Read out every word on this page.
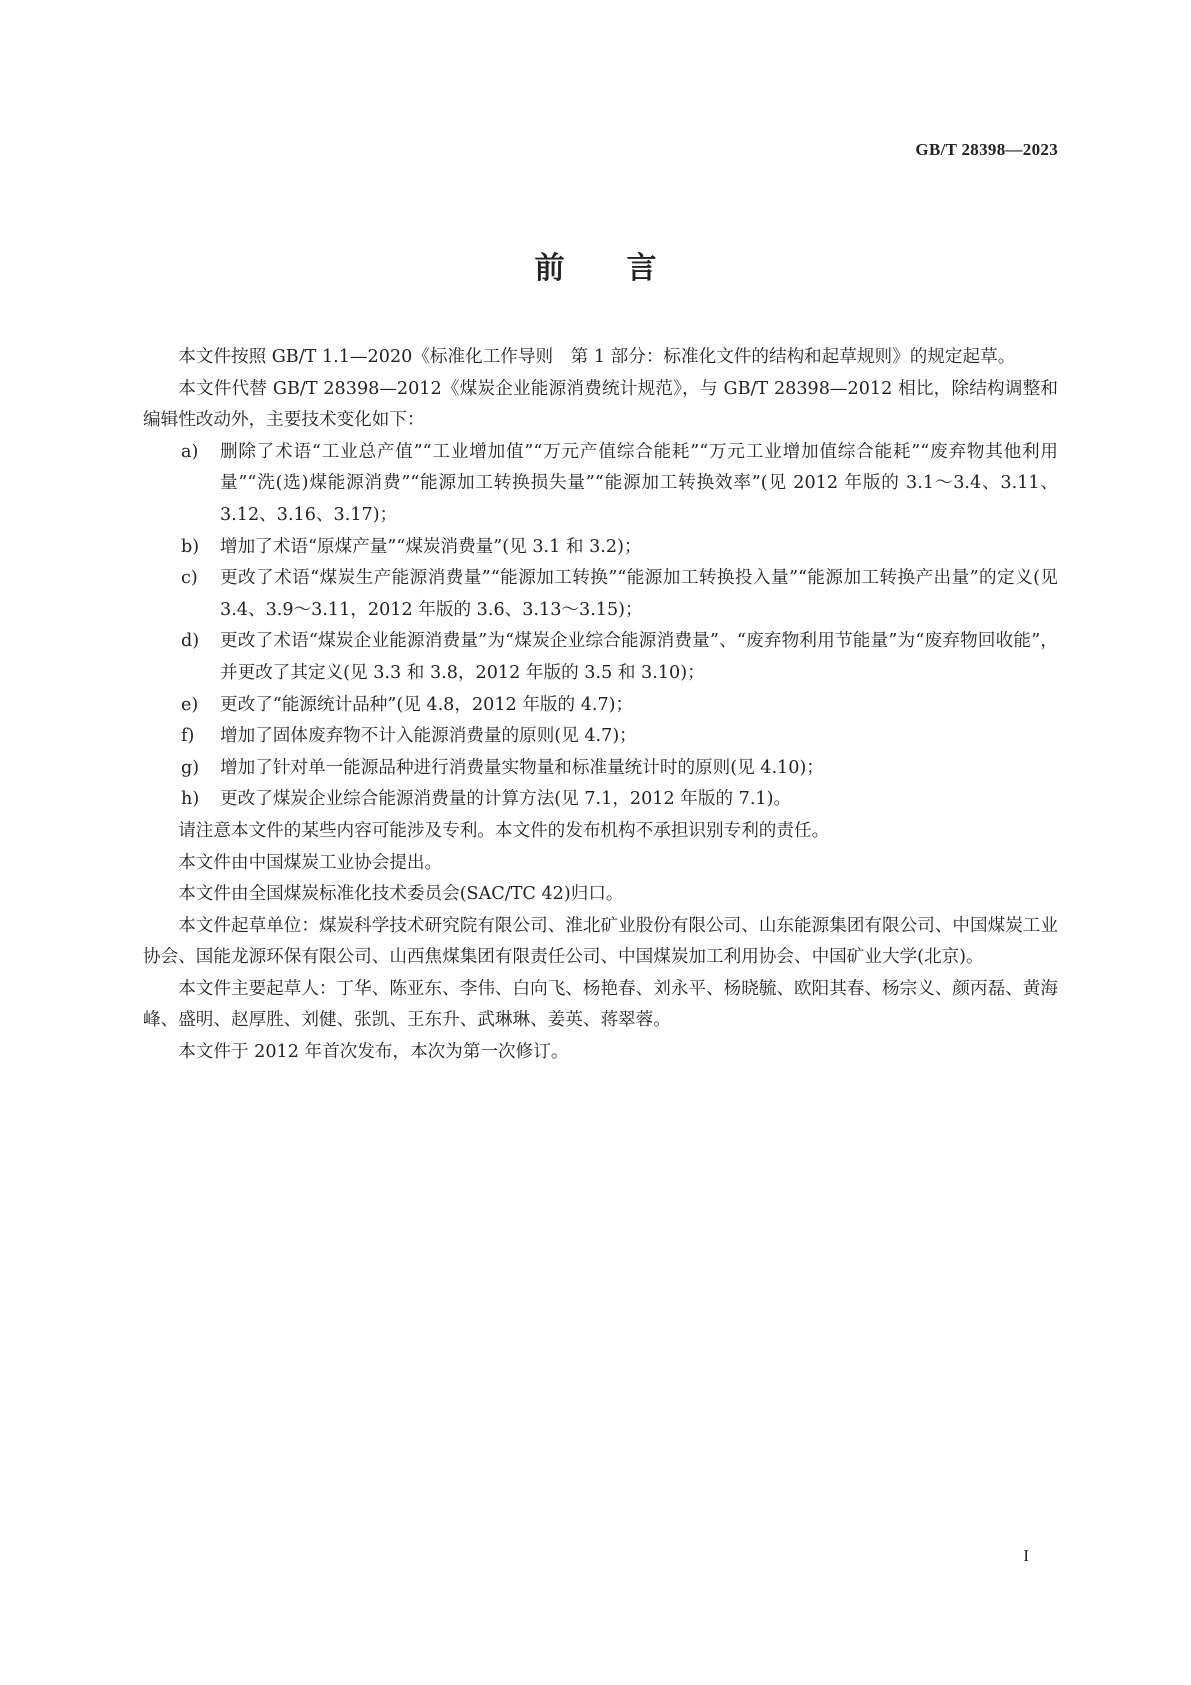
GB/T 28398—2023
前言

本文件按照 GB/T 1.1—2020《标准化工作导则　第 1 部分：标准化文件的结构和起草规则》的规定起草。

本文件代替 GB/T 28398—2012《煤炭企业能源消费统计规范》，与 GB/T 28398—2012 相比，除结构调整和编辑性改动外，主要技术变化如下：

a)	删除了术语“工业总产值”“工业增加值”“万元产值综合能耗”“万元工业增加值综合能耗”“废弃物其他利用量”“洗(选)煤能源消费”“能源加工转换损失量”“能源加工转换效率”(见 2012 年版的 3.1～3.4、3.11、3.12、3.16、3.17)；
b)	增加了术语“原煤产量”“煤炭消费量”(见 3.1 和 3.2)；
c)	更改了术语“煤炭生产能源消费量”“能源加工转换”“能源加工转换投入量”“能源加工转换产出量”的定义(见 3.4、3.9～3.11，2012 年版的 3.6、3.13～3.15)；
d)	更改了术语“煤炭企业能源消费量”为“煤炭企业综合能源消费量”、“废弃物利用节能量”为“废弃物回收能”，并更改了其定义(见 3.3 和 3.8，2012 年版的 3.5 和 3.10)；
e)	更改了“能源统计品种”(见 4.8，2012 年版的 4.7)；
f)	增加了固体废弃物不计入能源消费量的原则(见 4.7)；
g)	增加了针对单一能源品种进行消费量实物量和标准量统计时的原则(见 4.10)；
h)	更改了煤炭企业综合能源消费量的计算方法(见 7.1，2012 年版的 7.1)。

请注意本文件的某些内容可能涉及专利。本文件的发布机构不承担识别专利的责任。

本文件由中国煤炭工业协会提出。

本文件由全国煤炭标准化技术委员会(SAC/TC 42)归口。

本文件起草单位：煤炭科学技术研究院有限公司、淮北矿业股份有限公司、山东能源集团有限公司、中国煤炭工业协会、国能龙源环保有限公司、山西焦煤集团有限责任公司、中国煤炭加工利用协会、中国矿业大学(北京)。

本文件主要起草人：丁华、陈亚东、李伟、白向飞、杨艳春、刘永平、杨晓毓、欧阳其春、杨宗义、颜丙磊、黄海峰、盛明、赵厚胜、刘健、张凯、王东升、武琳琳、姜英、蒋翠蓉。

本文件于 2012 年首次发布，本次为第一次修订。

I
